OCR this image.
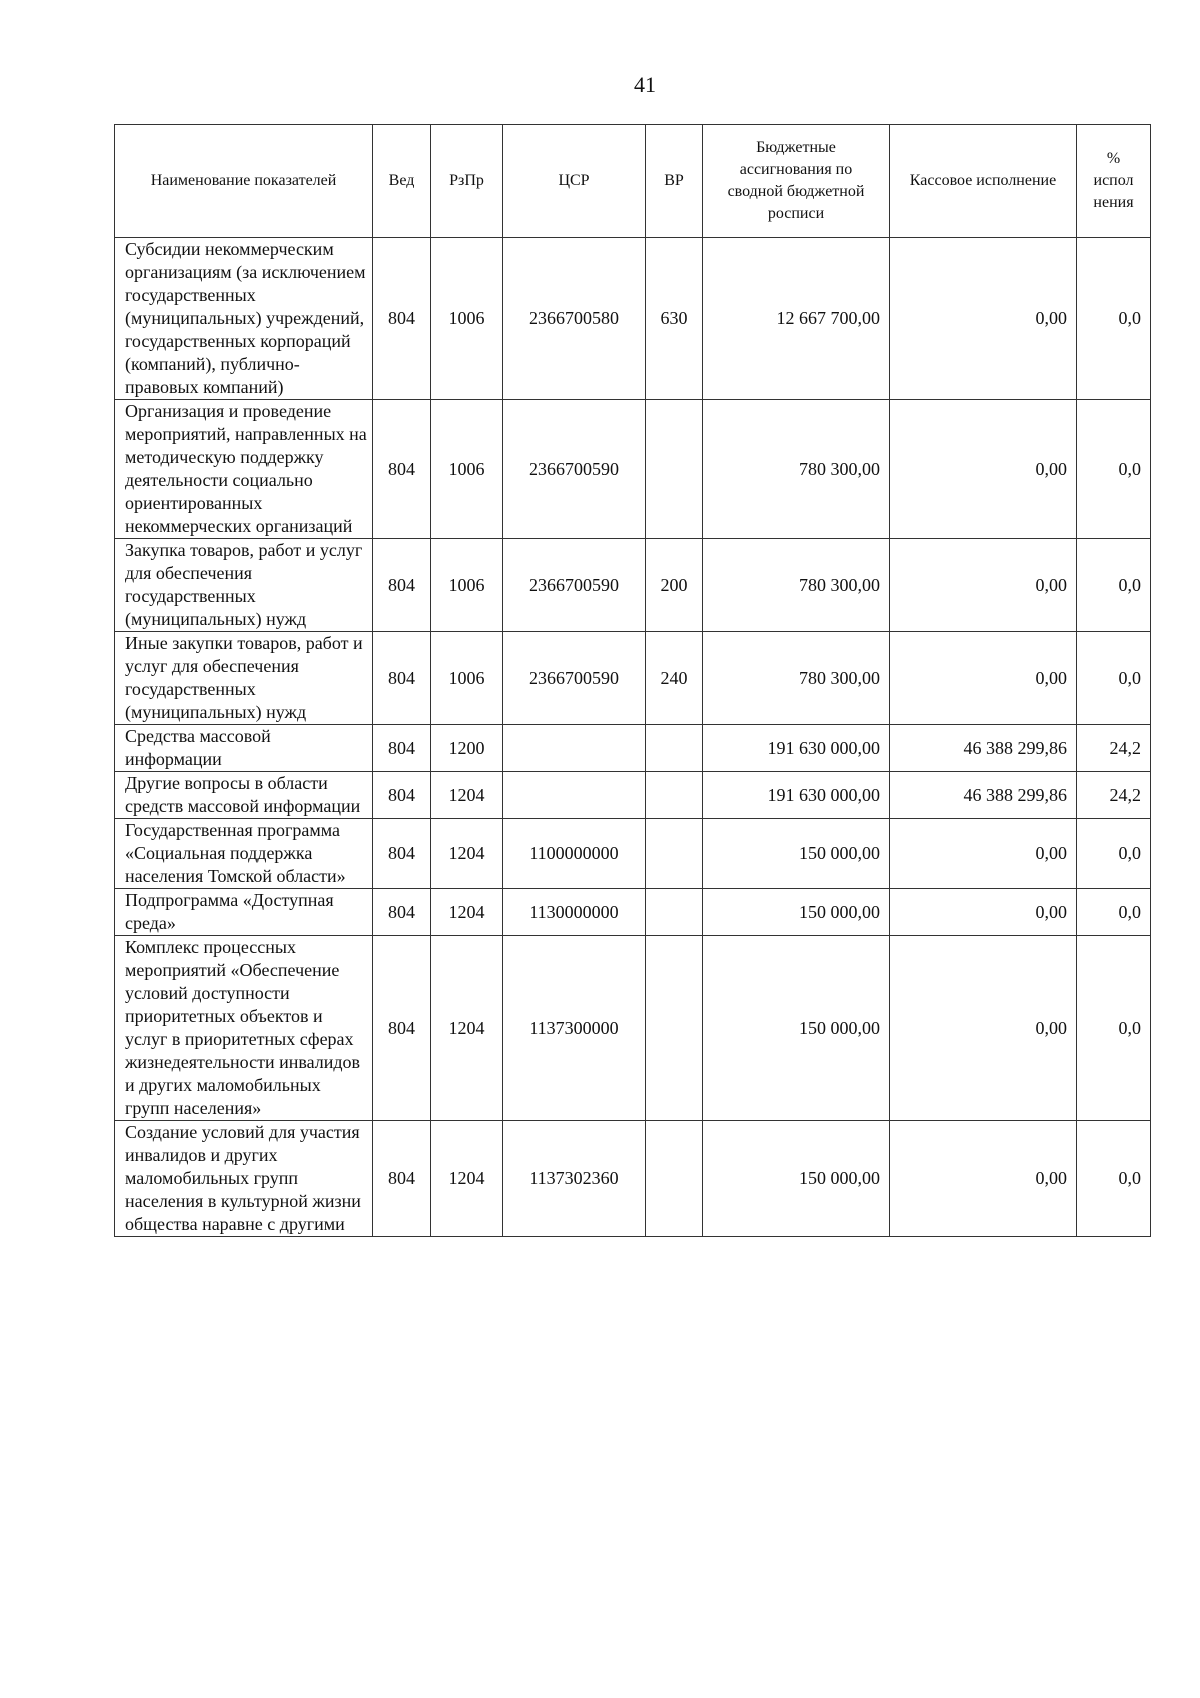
41
Наименование показателей	Вед	РзПр	ЦСР	ВР	Бюджетные ассигнования по сводной бюджетной росписи	Кассовое исполнение	% испол нения
Субсидии некоммерческим организациям (за исключением государственных (муниципальных) учреждений, государственных корпораций (компаний), публично-правовых компаний)	804	1006	2366700580	630	12 667 700,00	0,00	0,0
Организация и проведение мероприятий, направленных на методическую поддержку деятельности социально ориентированных некоммерческих организаций	804	1006	2366700590		780 300,00	0,00	0,0
Закупка товаров, работ и услуг для обеспечения государственных (муниципальных) нужд	804	1006	2366700590	200	780 300,00	0,00	0,0
Иные закупки товаров, работ и услуг для обеспечения государственных (муниципальных) нужд	804	1006	2366700590	240	780 300,00	0,00	0,0
Средства массовой информации	804	1200			191 630 000,00	46 388 299,86	24,2
Другие вопросы в области средств массовой информации	804	1204			191 630 000,00	46 388 299,86	24,2
Государственная программа «Социальная поддержка населения Томской области»	804	1204	1100000000		150 000,00	0,00	0,0
Подпрограмма «Доступная среда»	804	1204	1130000000		150 000,00	0,00	0,0
Комплекс процессных мероприятий «Обеспечение условий доступности приоритетных объектов и услуг в приоритетных сферах жизнедеятельности инвалидов и других маломобильных групп населения»	804	1204	1137300000		150 000,00	0,00	0,0
Создание условий для участия инвалидов и других маломобильных групп населения в культурной жизни общества наравне с другими	804	1204	1137302360		150 000,00	0,00	0,0
